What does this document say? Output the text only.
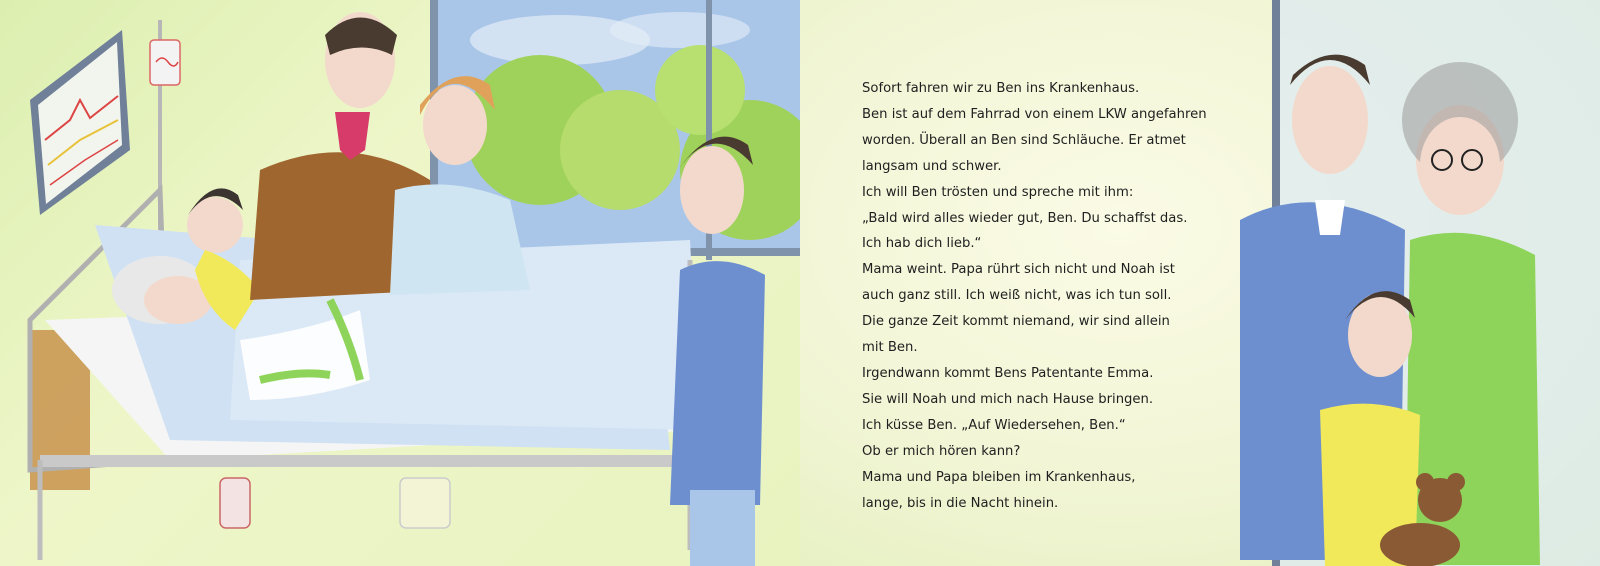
Sofort fahren wir zu Ben ins Krankenhaus.
Ben ist auf dem Fahrrad von einem LKW angefahren
worden. Überall an Ben sind Schläuche. Er atmet
langsam und schwer.
Ich will Ben trösten und spreche mit ihm:
„Bald wird alles wieder gut, Ben. Du schaffst das.
Ich hab dich lieb.“
Mama weint. Papa rührt sich nicht und Noah ist
auch ganz still. Ich weiß nicht, was ich tun soll.
Die ganze Zeit kommt niemand, wir sind allein
mit Ben.
Irgendwann kommt Bens Patentante Emma.
Sie will Noah und mich nach Hause bringen.
Ich küsse Ben. „Auf Wiedersehen, Ben.“
Ob er mich hören kann?
Mama und Papa bleiben im Krankenhaus,
lange, bis in die Nacht hinein.
